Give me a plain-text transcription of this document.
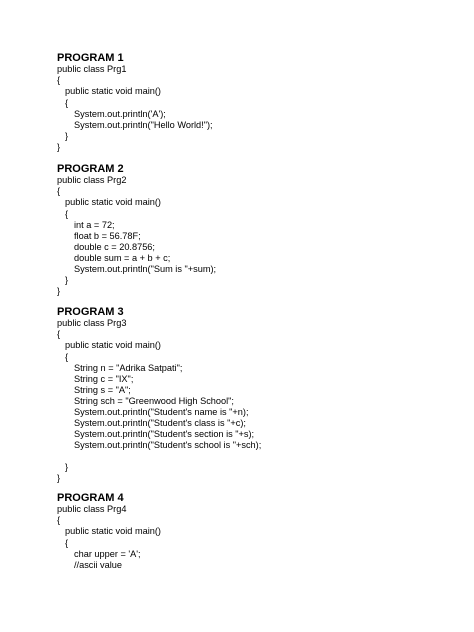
PROGRAM 1
public class Prg1
{
public static void main()
{
System.out.println('A');
System.out.println("Hello World!");
}
}
PROGRAM 2
public class Prg2
{
public static void main()
{
int a = 72;
float b = 56.78F;
double c = 20.8756;
double sum = a + b + c;
System.out.println("Sum is "+sum);
}
}
PROGRAM 3
public class Prg3
{
public static void main()
{
String n = "Adrika Satpati";
String c = "IX";
String s = "A";
String sch = "Greenwood High School";
System.out.println("Student's name is "+n);
System.out.println("Student's class is "+c);
System.out.println("Student's section is "+s);
System.out.println("Student's school is "+sch);
}
}
PROGRAM 4
public class Prg4
{
public static void main()
{
char upper = 'A';
//ascii value
